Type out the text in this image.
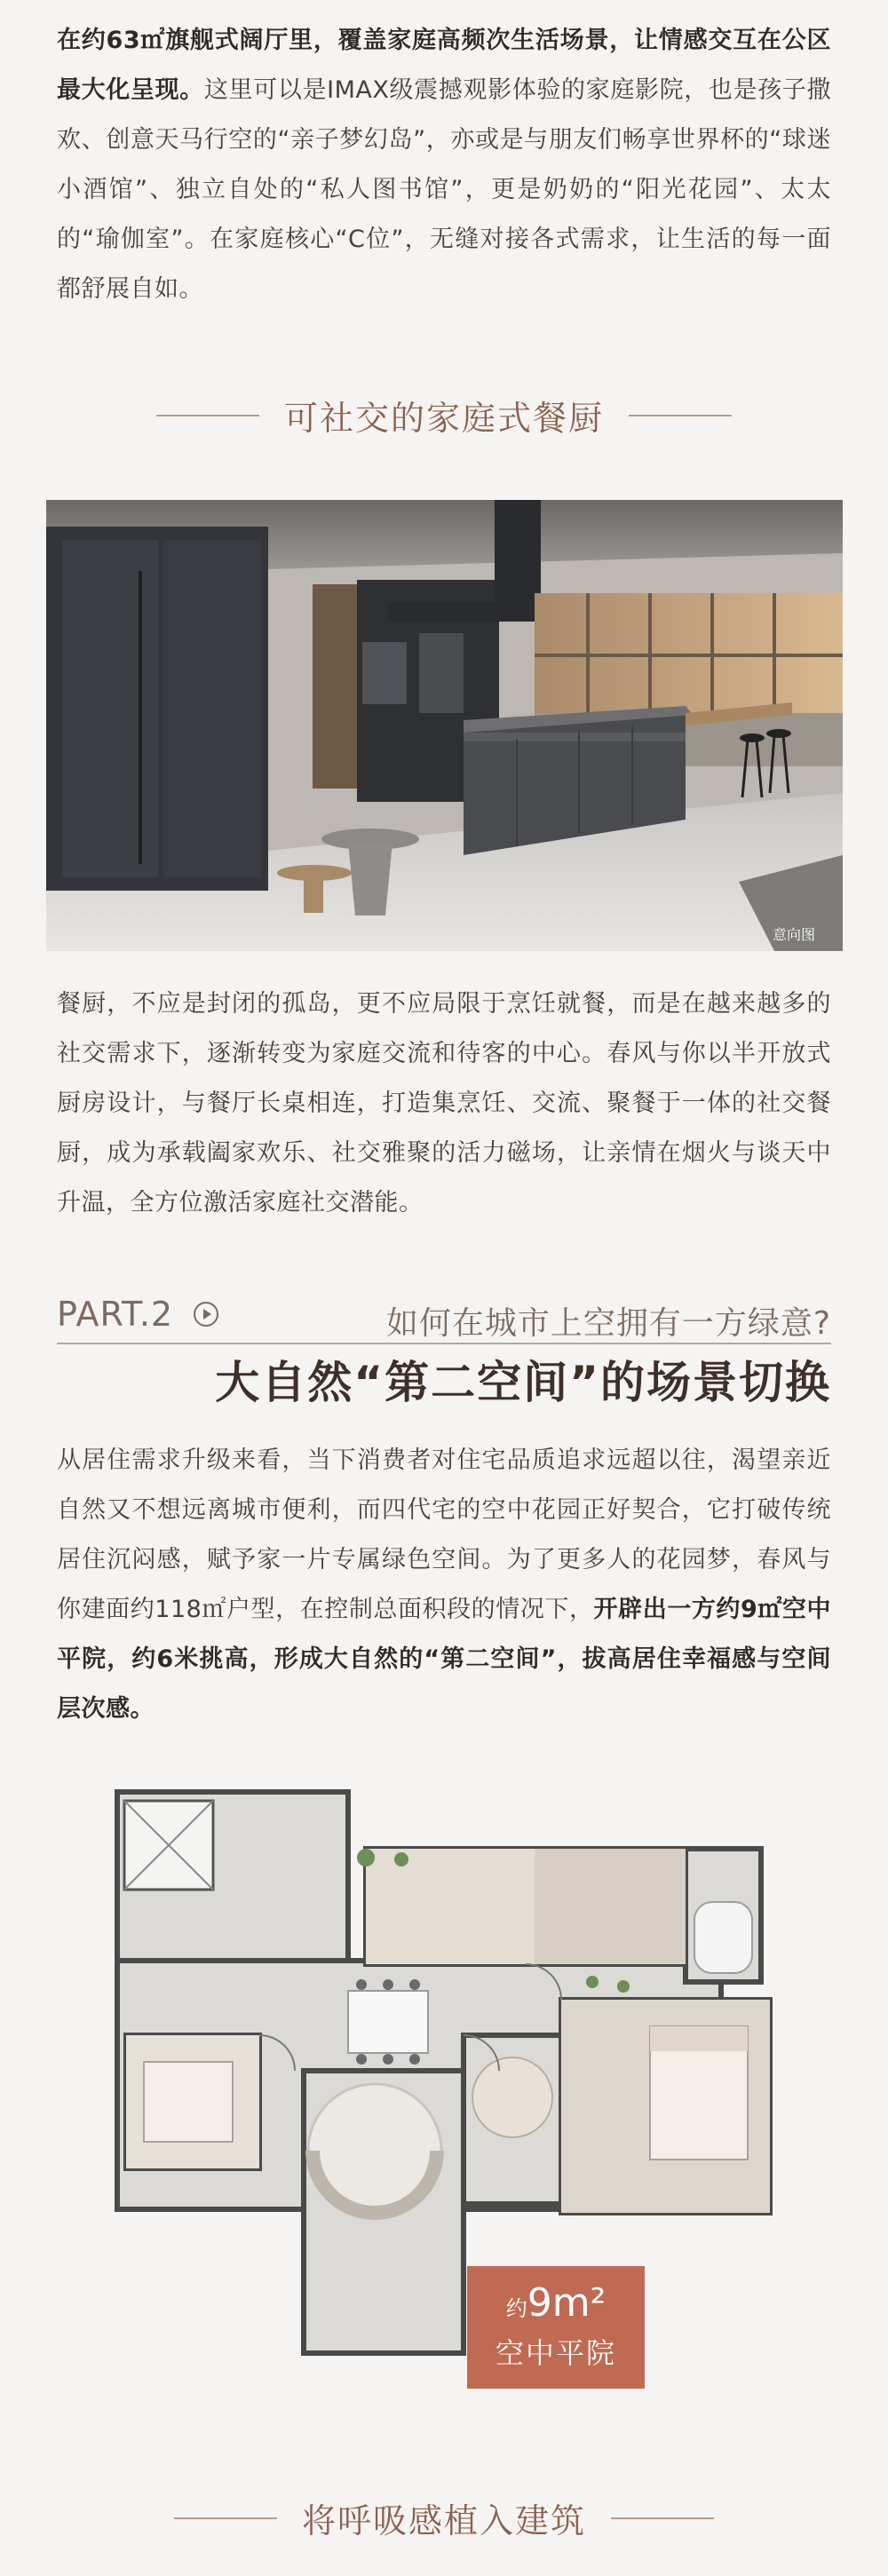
在约63㎡旗舰式阔厅里，覆盖家庭高频次生活场景，让情感交互在公区最大化呈现。这里可以是IMAX级震撼观影体验的家庭影院，也是孩子撒欢、创意天马行空的“亲子梦幻岛”，亦或是与朋友们畅享世界杯的“球迷小酒馆”、独立自处的“私人图书馆”，更是奶奶的“阳光花园”、太太的“瑜伽室”。在家庭核心“C位”，无缝对接各式需求，让生活的每一面都舒展自如。
可社交的家庭式餐厨
意向图
餐厨，不应是封闭的孤岛，更不应局限于烹饪就餐，而是在越来越多的社交需求下，逐渐转变为家庭交流和待客的中心。春风与你以半开放式厨房设计，与餐厅长桌相连，打造集烹饪、交流、聚餐于一体的社交餐厨，成为承载阖家欢乐、社交雅聚的活力磁场，让亲情在烟火与谈天中升温，全方位激活家庭社交潜能。
PART.2	如何在城市上空拥有一方绿意?
大自然“第二空间”的场景切换
从居住需求升级来看，当下消费者对住宅品质追求远超以往，渴望亲近自然又不想远离城市便利，而四代宅的空中花园正好契合，它打破传统居住沉闷感，赋予家一片专属绿色空间。为了更多人的花园梦，春风与你建面约118㎡户型，在控制总面积段的情况下，开辟出一方约9㎡空中平院，约6米挑高，形成大自然的“第二空间”，拔高居住幸福感与空间层次感。
约9m²
空中平院
将呼吸感植入建筑
